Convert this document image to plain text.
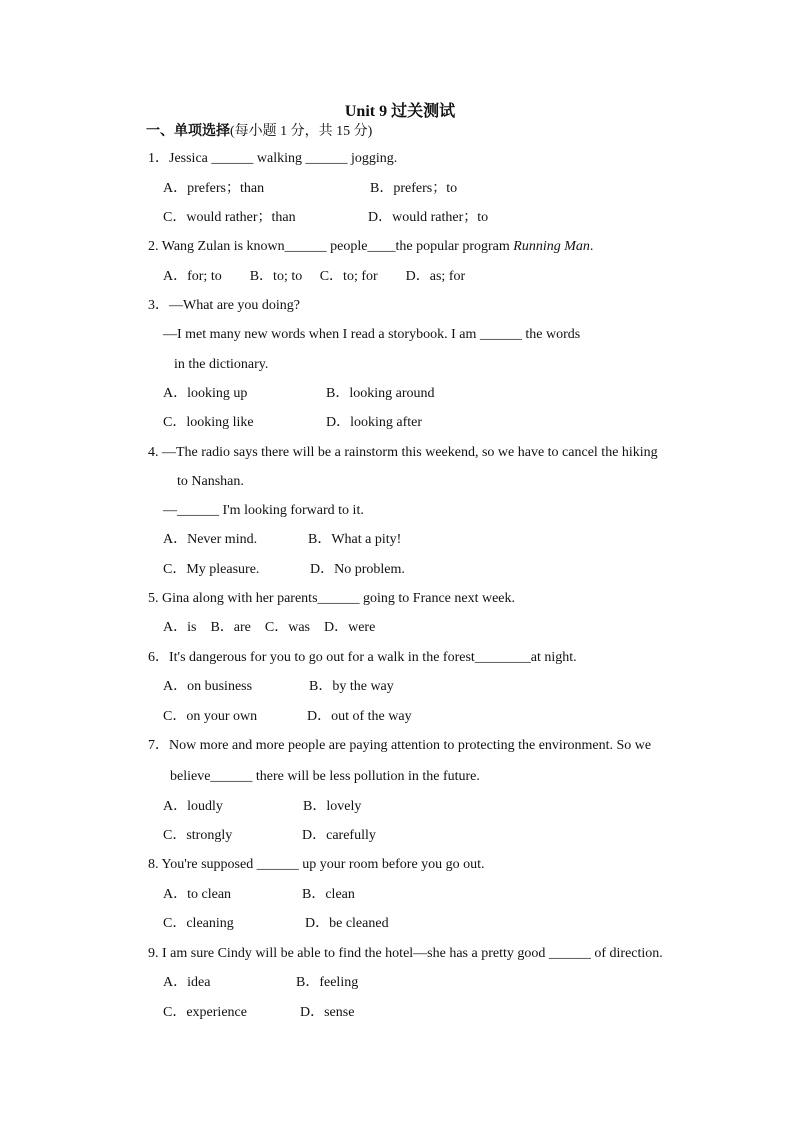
Unit 9 过关测试
一、单项选择(每小题 1 分，共 15 分)
1．Jessica ______ walking ______ jogging.
A．prefers；than	B．prefers；to
C．would rather；than	D．would rather；to
2. Wang Zulan is known______ people____the popular program Running Man.
A．for; to        B．to; to     C．to; for        D．as; for
3．—What are you doing?
—I met many new words when I read a storybook. I am ______ the words
in the dictionary.
A．looking up	B．looking around
C．looking like	D．looking after
4. —The radio says there will be a rainstorm this weekend, so we have to cancel the hiking
to Nanshan.
—______ I'm looking forward to it.
A．Never mind.	B．What a pity!
C．My pleasure.	D．No problem.
5. Gina along with her parents______ going to France next week.
A．is    B．are    C．was    D．were
6．It's dangerous for you to go out for a walk in the forest________at night.
A．on business	B．by the way
C．on your own	D．out of the way
7．Now more and more people are paying attention to protecting the environment. So we
believe______ there will be less pollution in the future.
A．loudly	B．lovely
C．strongly	D．carefully
8. You're supposed ______ up your room before you go out.
A．to clean	B．clean
C．cleaning	D．be cleaned
9. I am sure Cindy will be able to find the hotel—she has a pretty good ______ of direction.
A．idea	B．feeling
C．experience	D．sense
